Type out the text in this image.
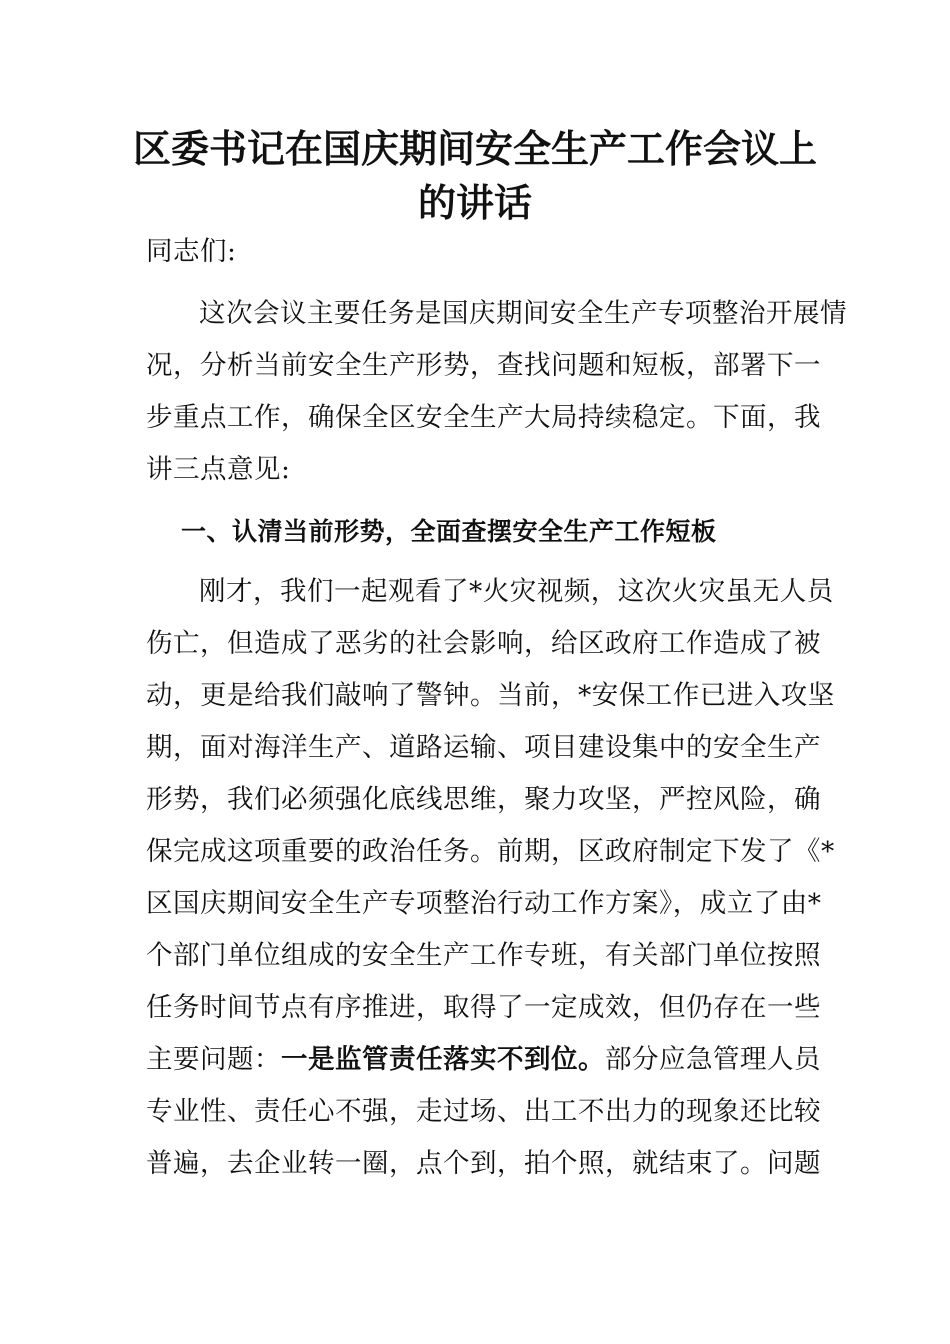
区委书记在国庆期间安全生产工作会议上
的讲话
同志们:
这次会议主要任务是国庆期间安全生产专项整治开展情
况，分析当前安全生产形势，查找问题和短板，部署下一
步重点工作，确保全区安全生产大局持续稳定。下面，我
讲三点意见:
一、认清当前形势，全面查摆安全生产工作短板
刚才，我们一起观看了*火灾视频，这次火灾虽无人员
伤亡，但造成了恶劣的社会影响，给区政府工作造成了被
动，更是给我们敲响了警钟。当前，*安保工作已进入攻坚
期，面对海洋生产、道路运输、项目建设集中的安全生产
形势，我们必须强化底线思维，聚力攻坚，严控风险，确
保完成这项重要的政治任务。前期，区政府制定下发了《*
区国庆期间安全生产专项整治行动工作方案》，成立了由*
个部门单位组成的安全生产工作专班，有关部门单位按照
任务时间节点有序推进，取得了一定成效，但仍存在一些
主要问题：一是监管责任落实不到位。部分应急管理人员
专业性、责任心不强，走过场、出工不出力的现象还比较
普遍，去企业转一圈，点个到，拍个照，就结束了。问题
